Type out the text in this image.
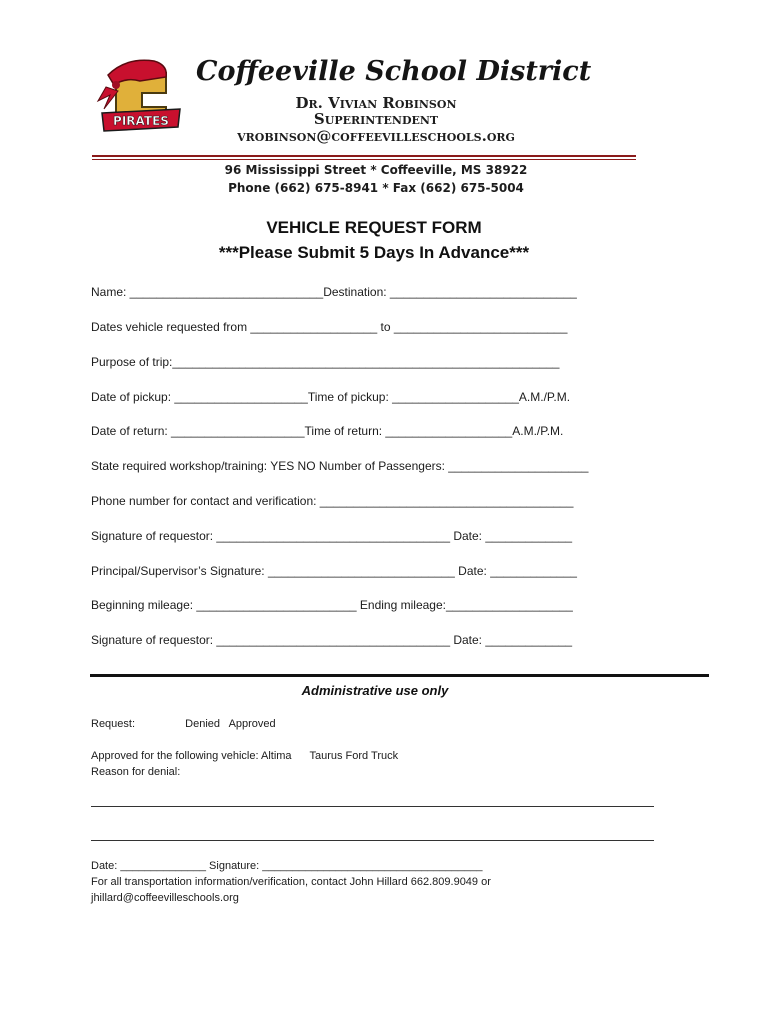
PIRATES
Coffeeville School District
Dr. Vivian Robinson
Superintendent
vrobinson@coffeevilleschools.org
96 Mississippi Street * Coffeeville, MS 38922
Phone (662) 675-8941 * Fax (662) 675-5004
VEHICLE REQUEST FORM
***Please Submit 5 Days In Advance***
Name: _____________________________Destination: ____________________________
Dates vehicle requested from ___________________ to __________________________
Purpose of trip:__________________________________________________________
Date of pickup: ____________________Time of pickup: ___________________A.M./P.M.
Date of return: ____________________Time of return: ___________________A.M./P.M.
State required workshop/training: YES NO Number of Passengers: _____________________
Phone number for contact and verification: ______________________________________
Signature of requestor: ___________________________________ Date: _____________
Principal/Supervisor’s Signature: ____________________________ Date: _____________
Beginning mileage: ________________________ Ending mileage:___________________
Signature of requestor: ___________________________________ Date: _____________
Administrative use only
Request:	Denied   Approved
Approved for the following vehicle: Altima Taurus Ford Truck
Reason for denial:
Date: ______________ Signature: ____________________________________
For all transportation information/verification, contact John Hillard 662.809.9049 or
jhillard@coffeevilleschools.org
